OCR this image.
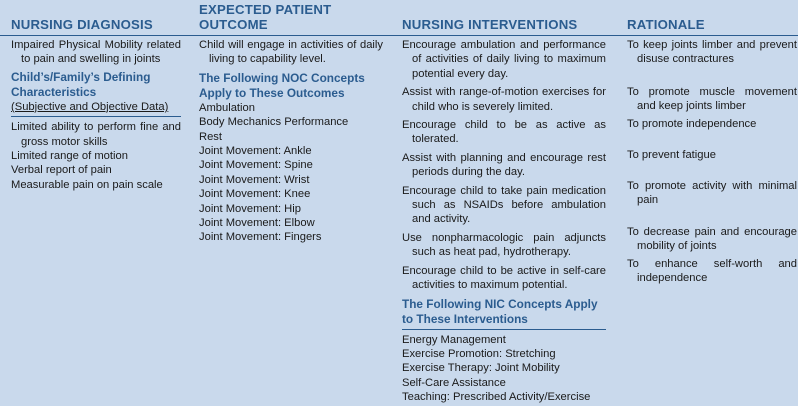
NURSING DIAGNOSIS
EXPECTED PATIENT
OUTCOME	NURSING INTERVENTIONS	RATIONALE

Impaired Physical Mobility related to pain and swelling in joints

Child’s/Family’s Defining
Characteristics
(Subjective and Objective Data)

Limited ability to perform fine and gross motor skills

Limited range of motion

Verbal report of pain

Measurable pain on pain scale

Child will engage in activities of daily living to capability level.

The Following NOC Concepts
Apply to These Outcomes
Ambulation
Body Mechanics Performance
Rest
Joint Movement: Ankle
Joint Movement: Spine
Joint Movement: Wrist
Joint Movement: Knee
Joint Movement: Hip
Joint Movement: Elbow
Joint Movement: Fingers

Encourage ambulation and performance of activities of daily living to maximum potential every day.

Assist with range-of-motion exercises for child who is severely limited.

Encourage child to be as active as tolerated.

Assist with planning and encourage rest periods during the day.

Encourage child to take pain medication such as NSAIDs before ambulation and activity.

Use nonpharmacologic pain adjuncts such as heat pad, hydrotherapy.

Encourage child to be active in self-care activities to maximum potential.

The Following NIC Concepts Apply
to These Interventions
Energy Management
Exercise Promotion: Stretching
Exercise Therapy: Joint Mobility
Self-Care Assistance
Teaching: Prescribed Activity/Exercise

To keep joints limber and prevent disuse contractures

To promote muscle movement and keep joints limber

To promote independence

To prevent fatigue

To promote activity with minimal pain

To decrease pain and encourage mobility of joints

To enhance self-worth and independence
